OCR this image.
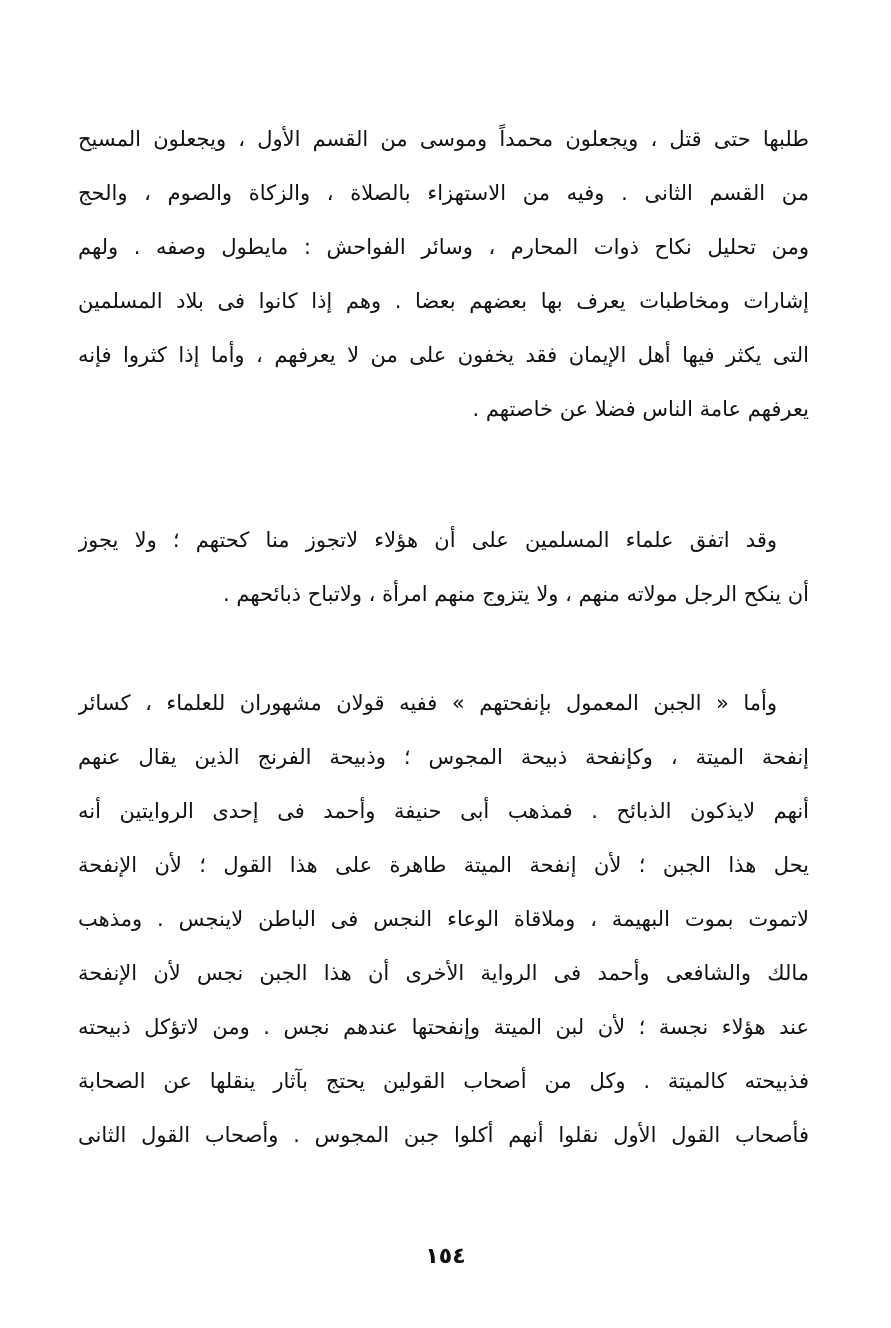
طلبها حتى قتل ، ويجعلون محمداً وموسى من القسم الأول ، ويجعلون المسيح
من القسم الثانى . وفيه من الاستهزاء بالصلاة ، والزكاة والصوم ، والحج
ومن تحليل نكاح ذوات المحارم ، وسائر الفواحش : مايطول وصفه . ولهم
إشارات ومخاطبات يعرف بها بعضهم بعضا . وهم إذا كانوا فى بلاد المسلمين
التى يكثر فيها أهل الإيمان فقد يخفون على من لا يعرفهم ، وأما إذا كثروا فإنه
يعرفهم عامة الناس فضلا عن خاصتهم .
وقد اتفق علماء المسلمين على أن هؤلاء لاتجوز منا كحتهم ؛ ولا يجوز
أن ينكح الرجل مولاته منهم ، ولا يتزوج منهم امرأة ، ولاتباح ذبائحهم .
وأما « الجبن المعمول بإنفحتهم » ففيه قولان مشهوران للعلماء ، كسائر
إنفحة الميتة ، وكإنفحة ذبيحة المجوس ؛ وذبيحة الفرنج الذين يقال عنهم
أنهم لايذكون الذبائح . فمذهب أبى حنيفة وأحمد فى إحدى الروايتين أنه
يحل هذا الجبن ؛ لأن إنفحة الميتة طاهرة على هذا القول ؛ لأن الإنفحة
لاتموت بموت البهيمة ، وملاقاة الوعاء النجس فى الباطن لاينجس . ومذهب
مالك والشافعى وأحمد فى الرواية الأخرى أن هذا الجبن نجس لأن الإنفحة
عند هؤلاء نجسة ؛ لأن لبن الميتة وإنفحتها عندهم نجس . ومن لاتؤكل ذبيحته
فذبيحته كالميتة . وكل من أصحاب القولين يحتج بآثار ينقلها عن الصحابة
فأصحاب القول الأول نقلوا أنهم أكلوا جبن المجوس . وأصحاب القول الثانى
١٥٤
